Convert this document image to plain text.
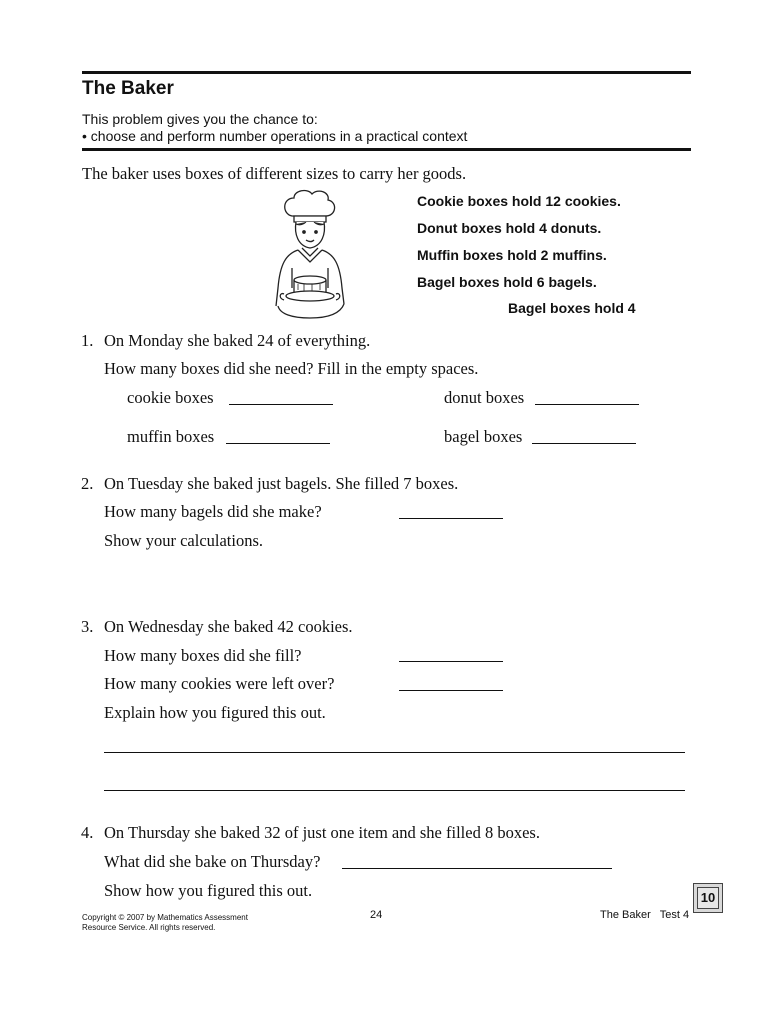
The Baker
This problem gives you the chance to:
• choose and perform number operations in a practical context
The baker uses boxes of different sizes to carry her goods.
Cookie boxes hold 12 cookies.
Donut boxes hold 4 donuts.
Muffin boxes hold 2 muffins.
Bagel boxes hold 6 bagels.
Bagel boxes hold 4
1. On Monday she baked 24 of everything.
How many boxes did she need? Fill in the empty spaces.
cookie boxes	donut boxes
muffin boxes	bagel boxes
2. On Tuesday she baked just bagels. She filled 7 boxes.
How many bagels did she make?
Show your calculations.
3. On Wednesday she baked 42 cookies.
How many boxes did she fill?
How many cookies were left over?
Explain how you figured this out.
4. On Thursday she baked 32 of just one item and she filled 8 boxes.
What did she bake on Thursday?
Show how you figured this out.
Copyright © 2007 by Mathematics Assessment
Resource Service. All rights reserved.
24	The Baker   Test 4
10
